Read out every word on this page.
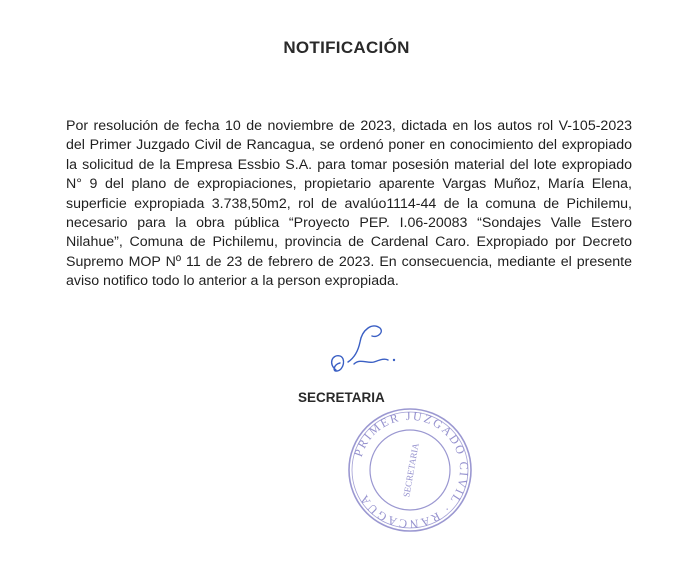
NOTIFICACIÓN
Por resolución de fecha 10 de noviembre de 2023, dictada en los autos rol V-105-2023 del Primer Juzgado Civil de Rancagua, se ordenó poner en conocimiento del expropiado la solicitud de la Empresa Essbio S.A. para tomar posesión material del lote expropiado N° 9 del plano de expropiaciones, propietario aparente Vargas Muñoz, María Elena, superficie expropiada 3.738,50m2, rol de avalúo1114-44 de la comuna de Pichilemu, necesario para la obra pública “Proyecto PEP. I.06-20083 “Sondajes Valle Estero Nilahue”, Comuna de Pichilemu, provincia de Cardenal Caro. Expropiado por Decreto Supremo MOP Nº 11 de 23 de febrero de 2023. En consecuencia, mediante el presente aviso notifico todo lo anterior a la person expropiada.
SECRETARIA
PRIMER JUZGADO CIVIL · RANCAGUA
SECRETARIA
